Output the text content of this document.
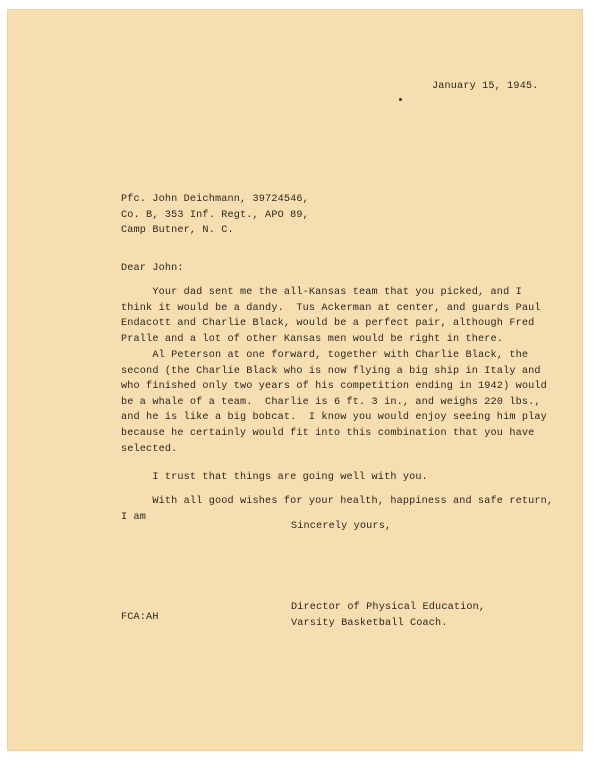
January 15, 1945.
Pfc. John Deichmann, 39724546,
Co. B, 353 Inf. Regt., APO 89,
Camp Butner, N. C.
Dear John:
Your dad sent me the all-Kansas team that you picked, and I
think it would be a dandy.  Tus Ackerman at center, and guards Paul
Endacott and Charlie Black, would be a perfect pair, although Fred
Pralle and a lot of other Kansas men would be right in there.
Al Peterson at one forward, together with Charlie Black, the
second (the Charlie Black who is now flying a big ship in Italy and
who finished only two years of his competition ending in 1942) would
be a whale of a team.  Charlie is 6 ft. 3 in., and weighs 220 lbs.,
and he is like a big bobcat.  I know you would enjoy seeing him play
because he certainly would fit into this combination that you have
selected.
I trust that things are going well with you.
With all good wishes for your health, happiness and safe return,
I am
Sincerely yours,
Director of Physical Education,
Varsity Basketball Coach.
FCA:AH
